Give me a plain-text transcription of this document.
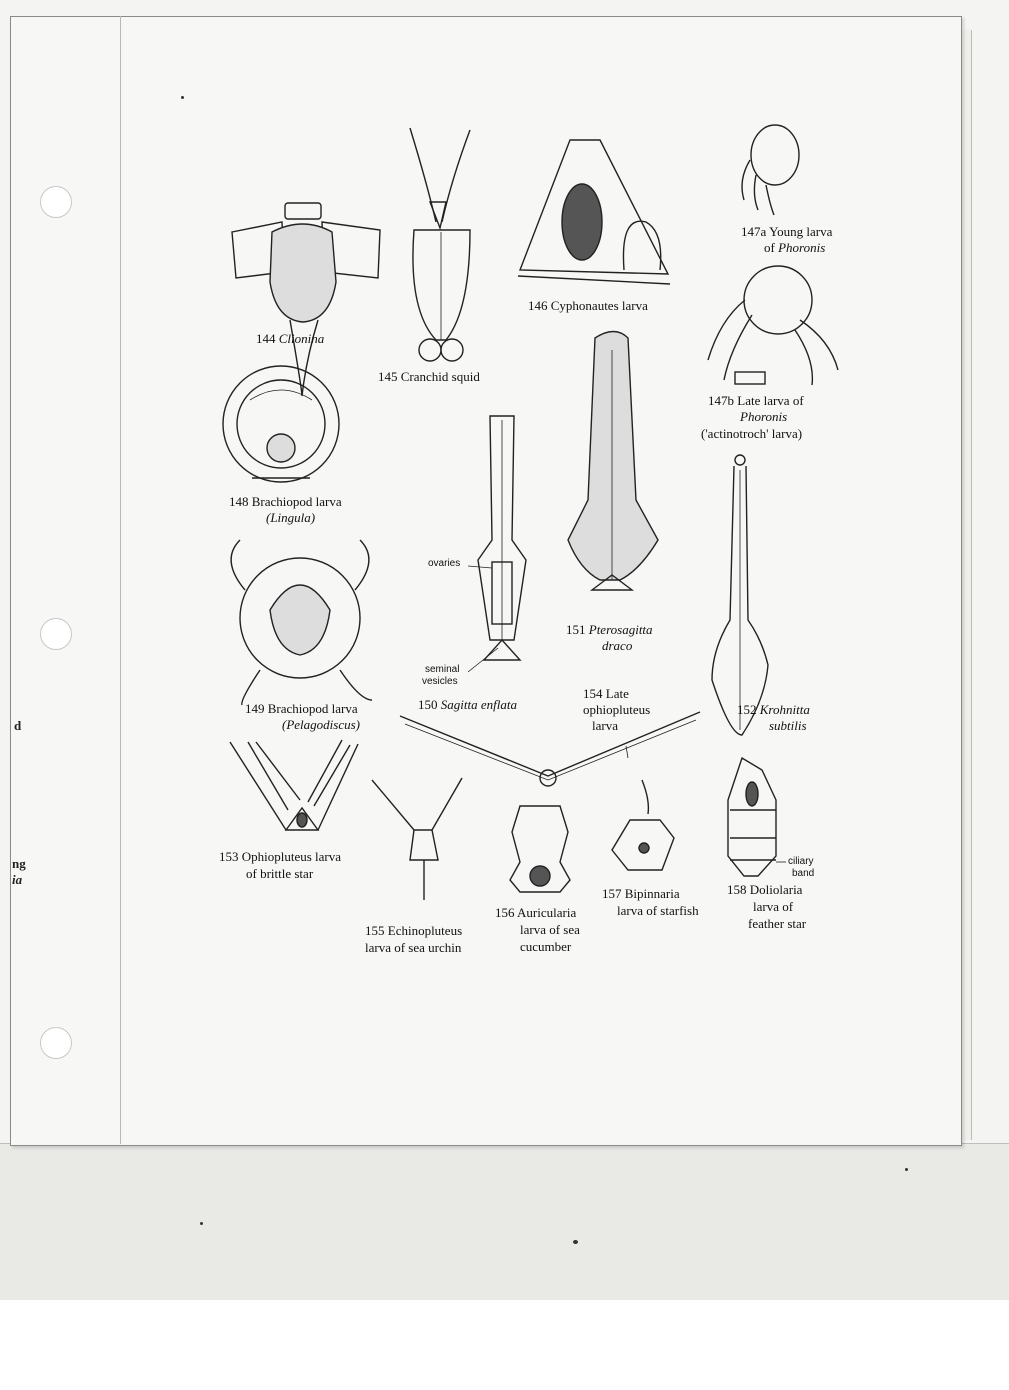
d
ng
ia
144 Clionina
145 Cranchid squid
146 Cyphonautes larva
147a Young larva
of Phoronis
147b Late larva of
Phoronis
('actinotroch' larva)
148 Brachiopod larva
(Lingula)
149 Brachiopod larva
(Pelagodiscus)
150 Sagitta enflata
151 Pterosagitta
draco
152 Krohnitta
subtilis
153 Ophiopluteus larva
of brittle star
154 Late
ophiopluteus
larva
155 Echinopluteus
larva of sea urchin
156 Auricularia
larva of sea
cucumber
157 Bipinnaria
larva of starfish
158 Doliolaria
larva of
feather star
ovaries
seminal
vesicles
ciliary
band
